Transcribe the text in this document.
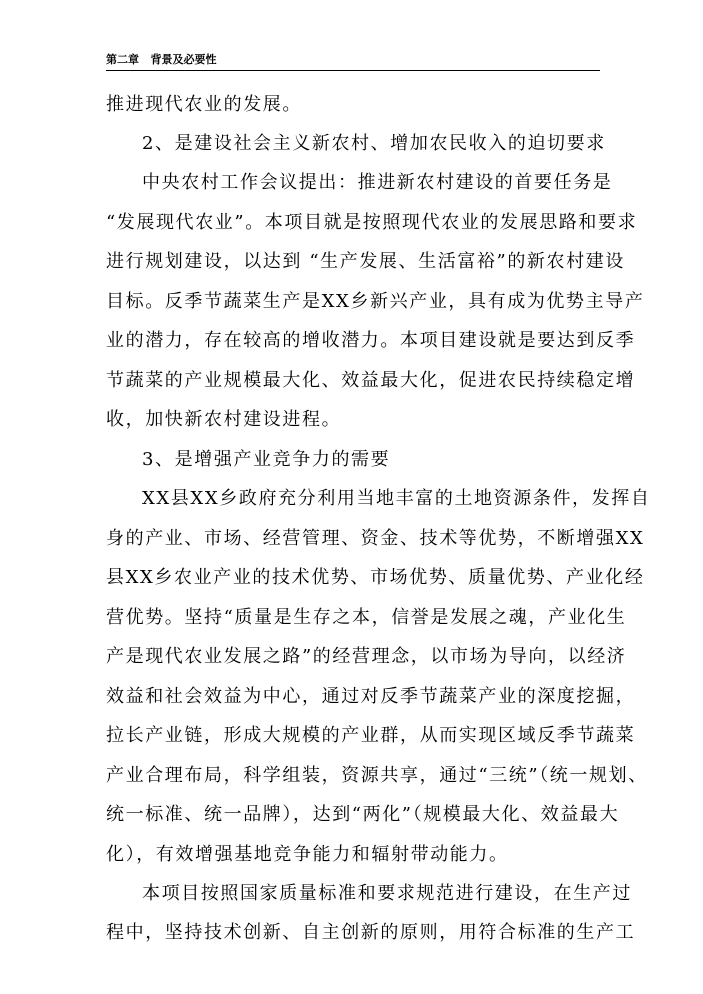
第二章 背景及必要性
推进现代农业的发展。
2、是建设社会主义新农村、增加农民收入的迫切要求
中央农村工作会议提出：推进新农村建设的首要任务是
“发展现代农业”。本项目就是按照现代农业的发展思路和要求
进行规划建设，以达到 “生产发展、生活富裕”的新农村建设
目标。反季节蔬菜生产是XX乡新兴产业，具有成为优势主导产
业的潜力，存在较高的增收潜力。本项目建设就是要达到反季
节蔬菜的产业规模最大化、效益最大化，促进农民持续稳定增
收，加快新农村建设进程。
3、是增强产业竞争力的需要
XX县XX乡政府充分利用当地丰富的土地资源条件，发挥自
身的产业、市场、经营管理、资金、技术等优势，不断增强XX
县XX乡农业产业的技术优势、市场优势、质量优势、产业化经
营优势。坚持“质量是生存之本，信誉是发展之魂，产业化生
产是现代农业发展之路”的经营理念，以市场为导向，以经济
效益和社会效益为中心，通过对反季节蔬菜产业的深度挖掘，
拉长产业链，形成大规模的产业群，从而实现区域反季节蔬菜
产业合理布局，科学组装，资源共享，通过“三统”（统一规划、
统一标准、统一品牌），达到“两化”（规模最大化、效益最大
化），有效增强基地竞争能力和辐射带动能力。
本项目按照国家质量标准和要求规范进行建设，在生产过
程中，坚持技术创新、自主创新的原则，用符合标准的生产工
